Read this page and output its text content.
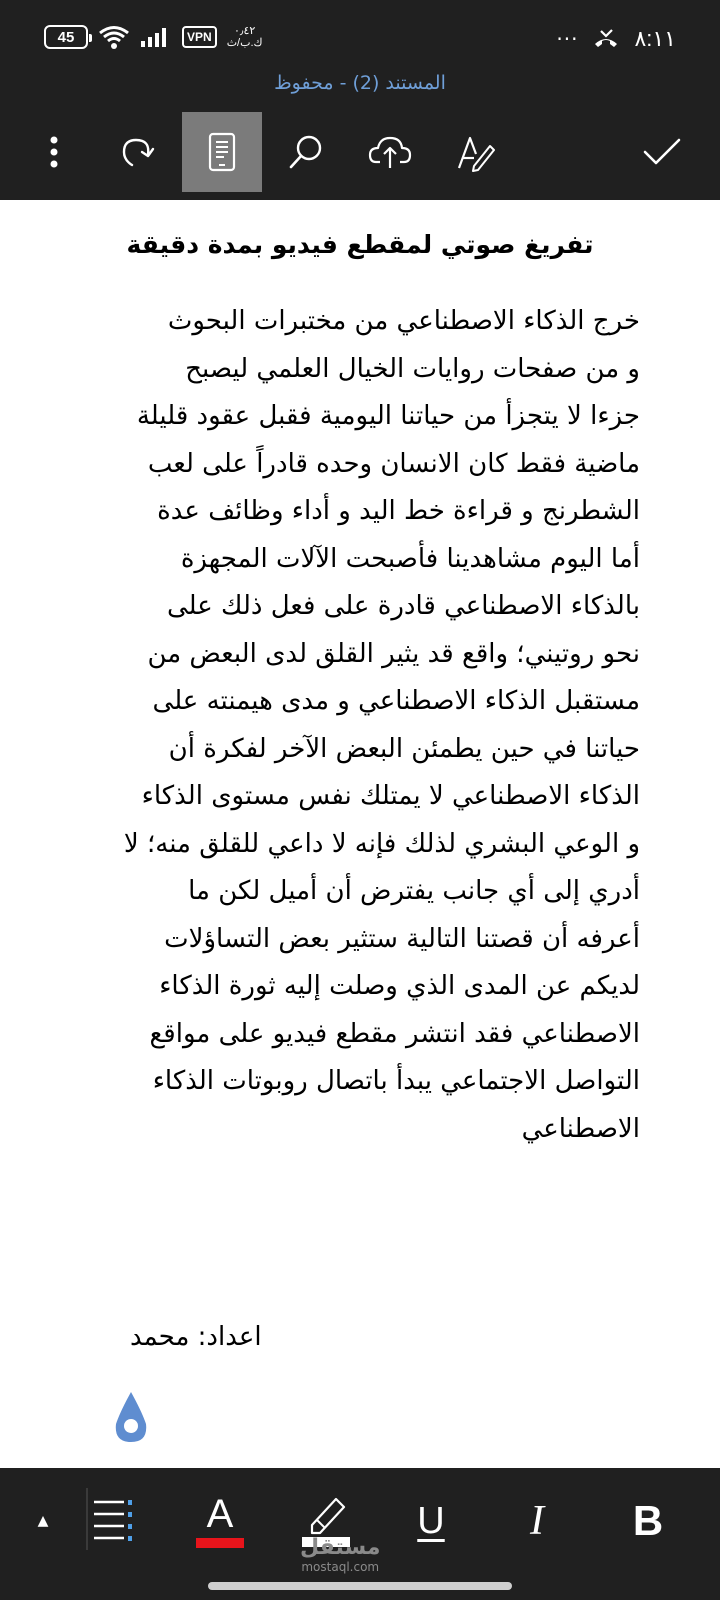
45	VPN	٠٫٤٢
ك.ب/ث	···	٨:١١
المستند (2) - محفوظ
تفريغ صوتي لمقطع فيديو بمدة دقيقة
خرج الذكاء الاصطناعي من مختبرات البحوث
و من صفحات روايات الخيال العلمي ليصبح
جزءا لا يتجزأ من حياتنا اليومية فقبل عقود قليلة
ماضية فقط كان الانسان وحده قادراً على لعب
الشطرنج و قراءة خط اليد و أداء وظائف عدة
أما اليوم مشاهدينا فأصبحت الآلات المجهزة
بالذكاء الاصطناعي قادرة على فعل ذلك على
نحو روتيني؛ واقع قد يثير القلق لدى البعض من
مستقبل الذكاء الاصطناعي و مدى هيمنته على
حياتنا في حين يطمئن البعض الآخر لفكرة أن
الذكاء الاصطناعي لا يمتلك نفس مستوى الذكاء
و الوعي البشري لذلك فإنه لا داعي للقلق منه؛ لا
أدري إلى أي جانب يفترض أن أميل لكن ما
أعرفه أن قصتنا التالية ستثير بعض التساؤلات
لديكم عن المدى الذي وصلت إليه ثورة الذكاء
الاصطناعي فقد انتشر مقطع فيديو على مواقع
التواصل الاجتماعي يبدأ باتصال روبوتات الذكاء
الاصطناعي
اعداد: محمد
▲	A	U I B
مستقل
mostaql.com
